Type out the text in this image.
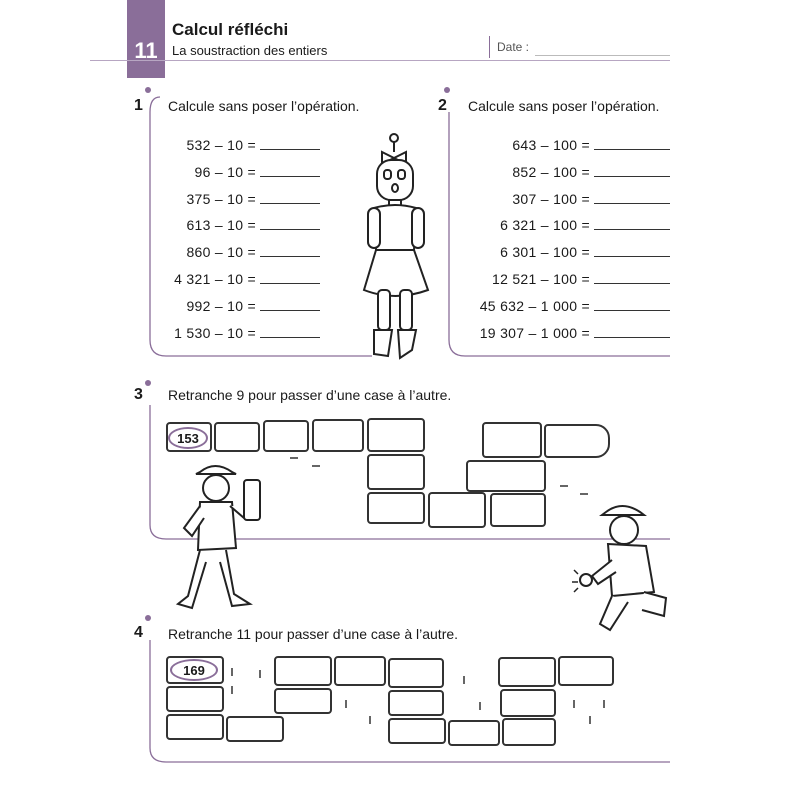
11
Calcul réfléchi
La soustraction des entiers	Date :
1 Calcule sans poser l’opération.
532 – 10 =
96 – 10 =
375 – 10 =
613 – 10 =
860 – 10 =
4 321 – 10 =
992 – 10 =
1 530 – 10 =
2 Calcule sans poser l’opération.
643 – 100 =
852 – 100 =
307 – 100 =
6 321 – 100 =
6 301 – 100 =
12 521 – 100 =
45 632 – 1 000 =
19 307 – 1 000 =
3 Retranche 9 pour passer d’une case à l’autre.
153
4 Retranche 11 pour passer d’une case à l’autre.
169
